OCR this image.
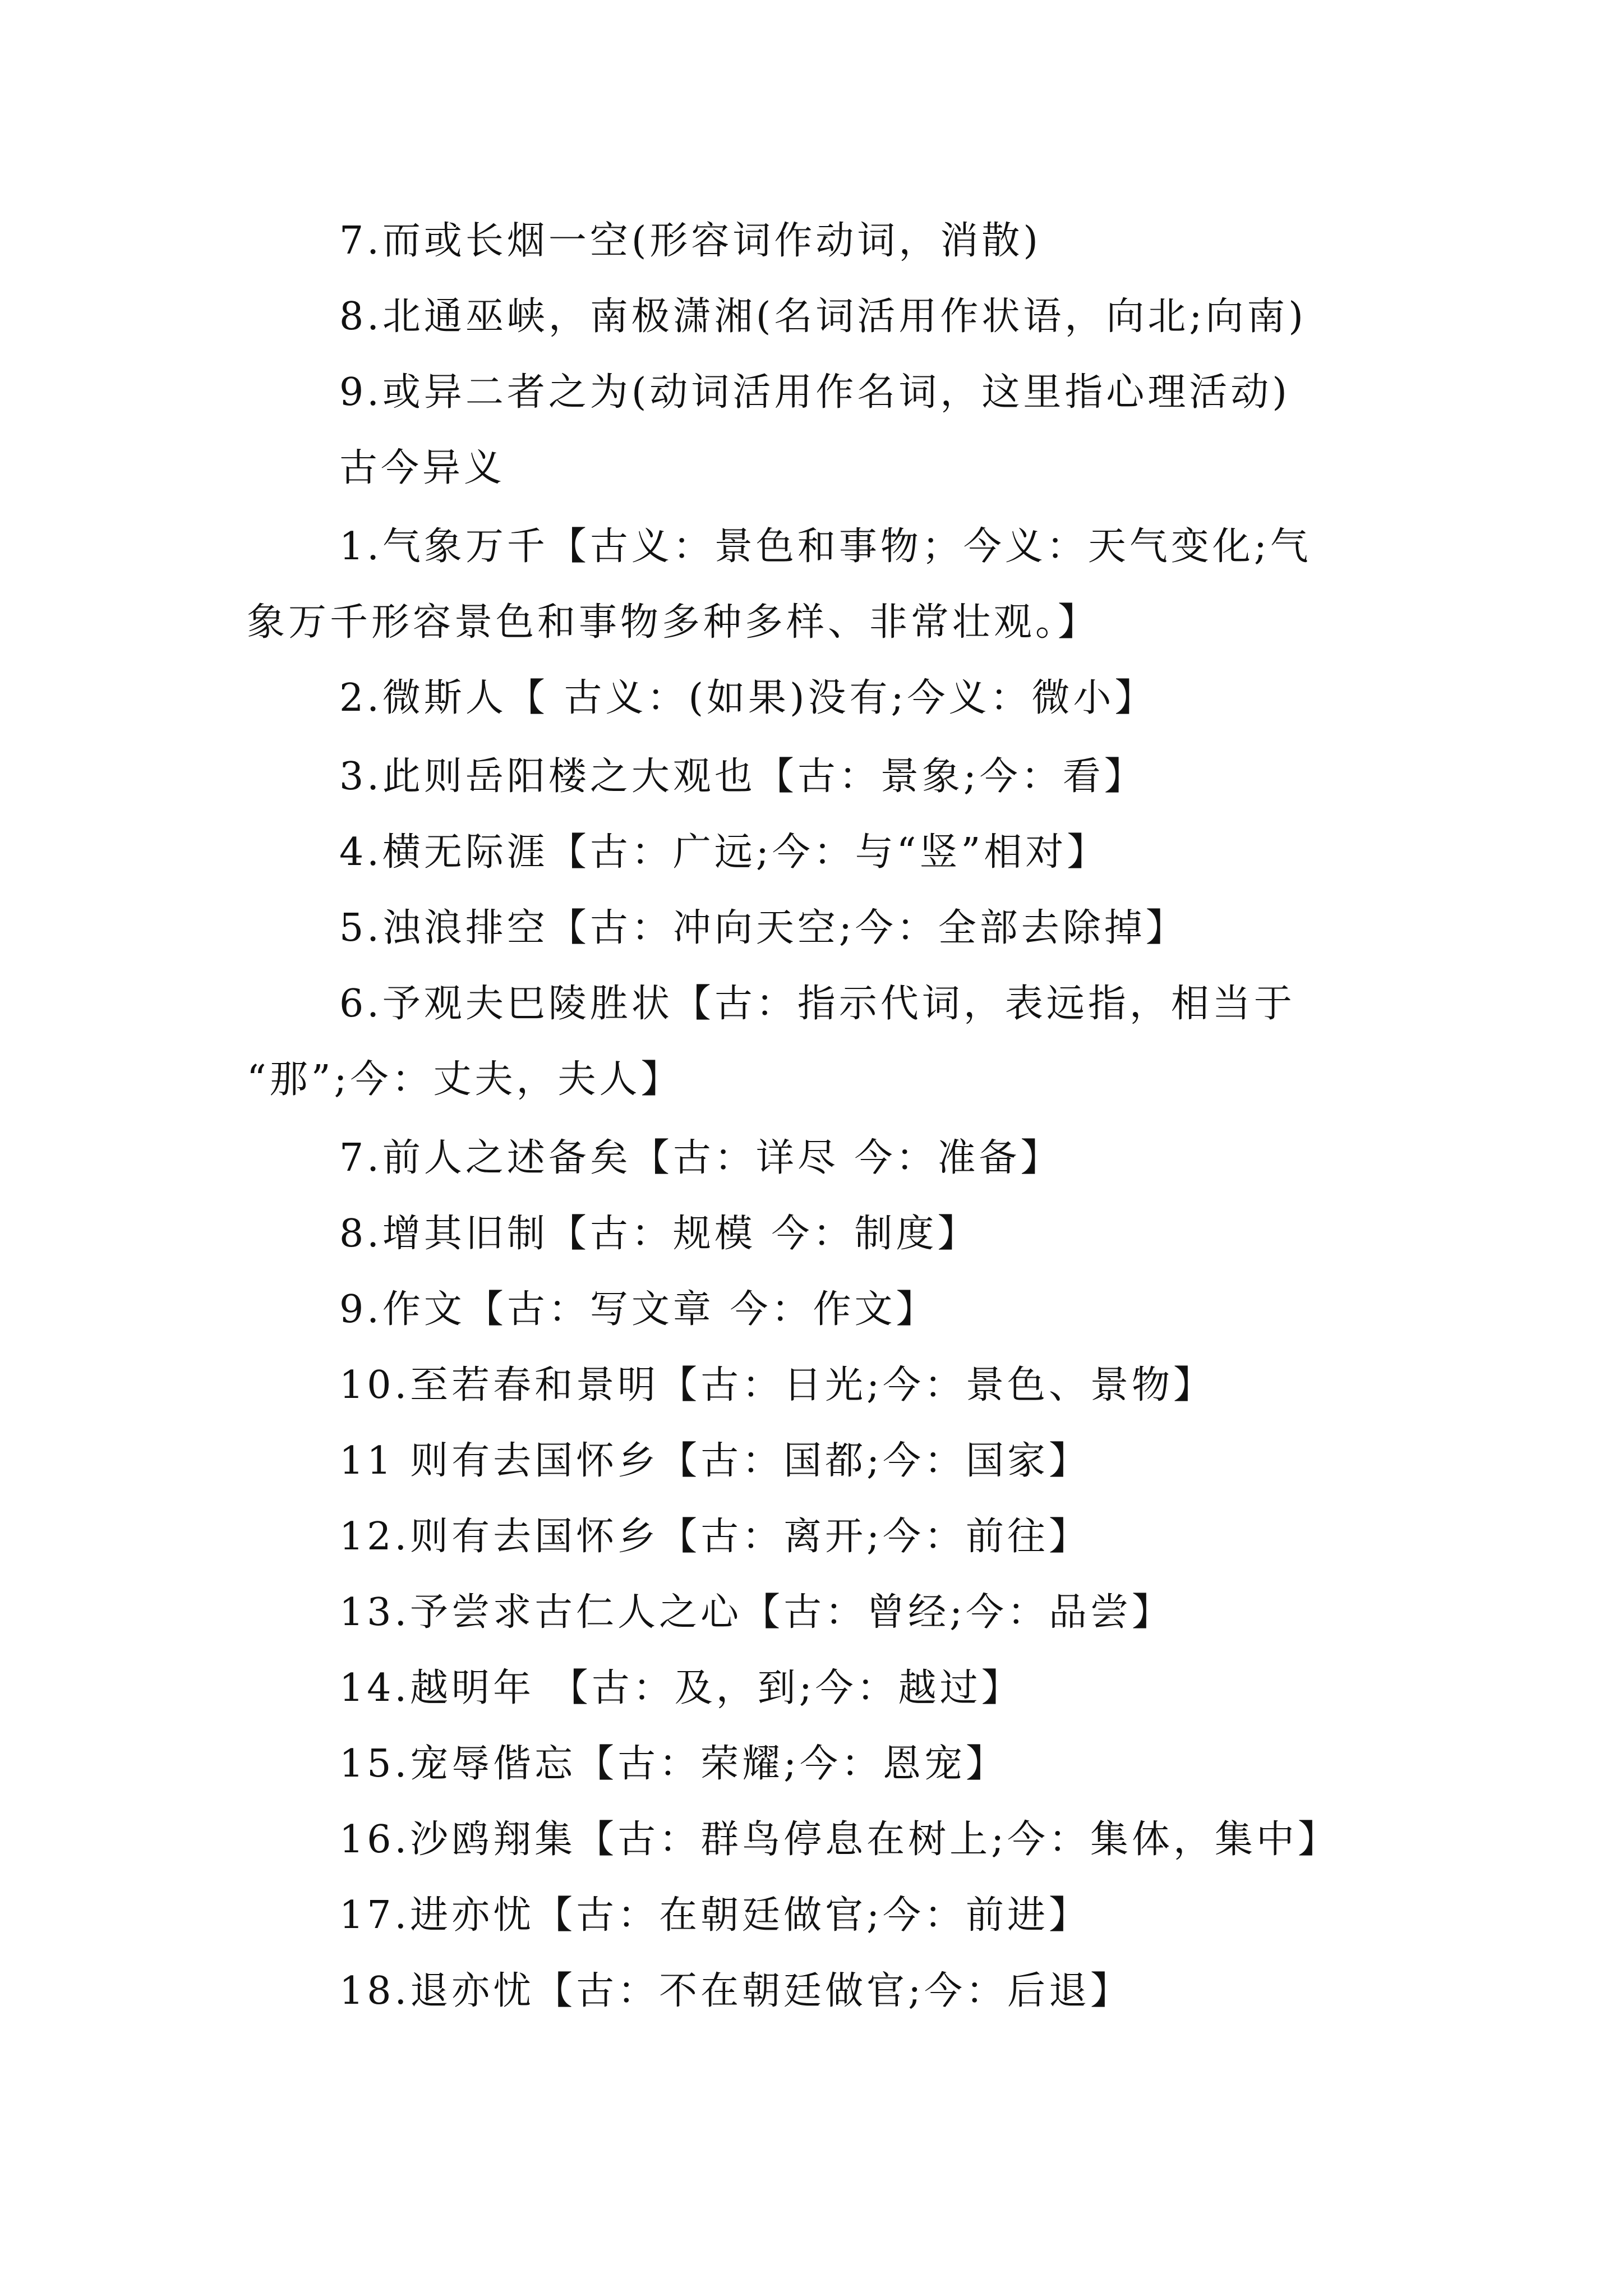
7.而或长烟一空(形容词作动词，消散)
8.北通巫峡，南极潇湘(名词活用作状语，向北;向南)
9.或异二者之为(动词活用作名词，这里指心理活动)
古今异义
1.气象万千【古义：景色和事物；今义：天气变化;气
象万千形容景色和事物多种多样、非常壮观。】
2.微斯人【 古义：(如果)没有;今义：微小】
3.此则岳阳楼之大观也【古：景象;今：看】
4.横无际涯【古：广远;今：与“竖”相对】
5.浊浪排空【古：冲向天空;今：全部去除掉】
6.予观夫巴陵胜状【古：指示代词，表远指，相当于
“那”;今：丈夫，夫人】
7.前人之述备矣【古：详尽 今：准备】
8.增其旧制【古：规模 今：制度】
9.作文【古：写文章 今：作文】
10.至若春和景明【古：日光;今：景色、景物】
11 则有去国怀乡【古：国都;今：国家】
12.则有去国怀乡【古：离开;今：前往】
13.予尝求古仁人之心【古：曾经;今：品尝】
14.越明年 【古：及，到;今：越过】
15.宠辱偕忘【古：荣耀;今：恩宠】
16.沙鸥翔集【古：群鸟停息在树上;今：集体，集中】
17.进亦忧【古：在朝廷做官;今：前进】
18.退亦忧【古：不在朝廷做官;今：后退】
